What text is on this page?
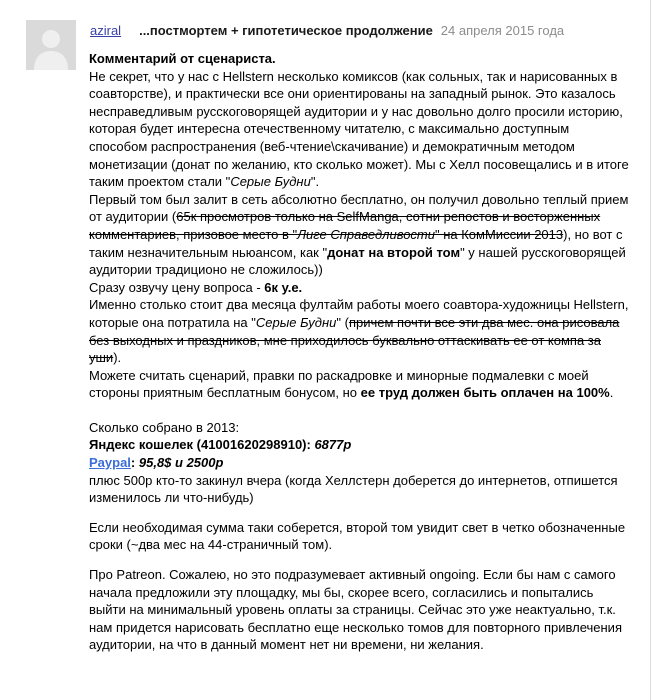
aziral ...постмортем + гипотетическое продолжение 24 апреля 2015 года

Комментарий от сценариста.

Не секрет, что у нас с Hellstern несколько комиксов (как сольных, так и нарисованных в соавторстве), и практически все они ориентированы на западный рынок. Это казалось несправедливым русскоговорящей аудитории и у нас довольно долго просили историю, которая будет интересна отечественному читателю, с максимально доступным способом распространения (веб-чтение\скачивание) и демократичным методом монетизации (донат по желанию, кто сколько может). Мы с Хелл посовещались и в итоге таким проектом стали "Серые Будни".

Первый том был залит в сеть абсолютно бесплатно, он получил довольно теплый прием от аудитории (65к просмотров только на SelfManga, сотни репостов и восторженных комментариев, призовое место в "Лиге Справедливости" на КомМиссии 2013), но вот с таким незначительным ньюансом, как "донат на второй том" у нашей русскоговорящей аудитории традиционо не сложилось))

Сразу озвучу цену вопроса - 6к у.е.

Именно столько стоит два месяца фултайм работы моего соавтора-художницы Hellstern, которые она потратила на "Серые Будни" (причем почти все эти два мес. она рисовала без выходных и праздников, мне приходилось буквально оттаскивать ее от компа за уши).

Можете считать сценарий, правки по раскадровке и минорные подмалевки с моей стороны приятным бесплатным бонусом, но ее труд должен быть оплачен на 100%.

Сколько собрано в 2013:

Яндекс кошелек (41001620298910): 6877р

Paypal: 95,8$ и 2500р

плюс 500р кто-то закинул вчера (когда Хеллстерн доберется до интернетов, отпишется изменилось ли что-нибудь)

Если необходимая сумма таки соберется, второй том увидит свет в четко обозначенные сроки (~два мес на 44-страничный том).

Про Patreon. Сожалею, но это подразумевает активный ongoing. Если бы нам с самого начала предложили эту площадку, мы бы, скорее всего, согласились и попытались выйти на минимальный уровень оплаты за страницы. Сейчас это уже неактуально, т.к. нам придется нарисовать бесплатно еще несколько томов для повторного привлечения аудитории, на что в данный момент нет ни времени, ни желания.
